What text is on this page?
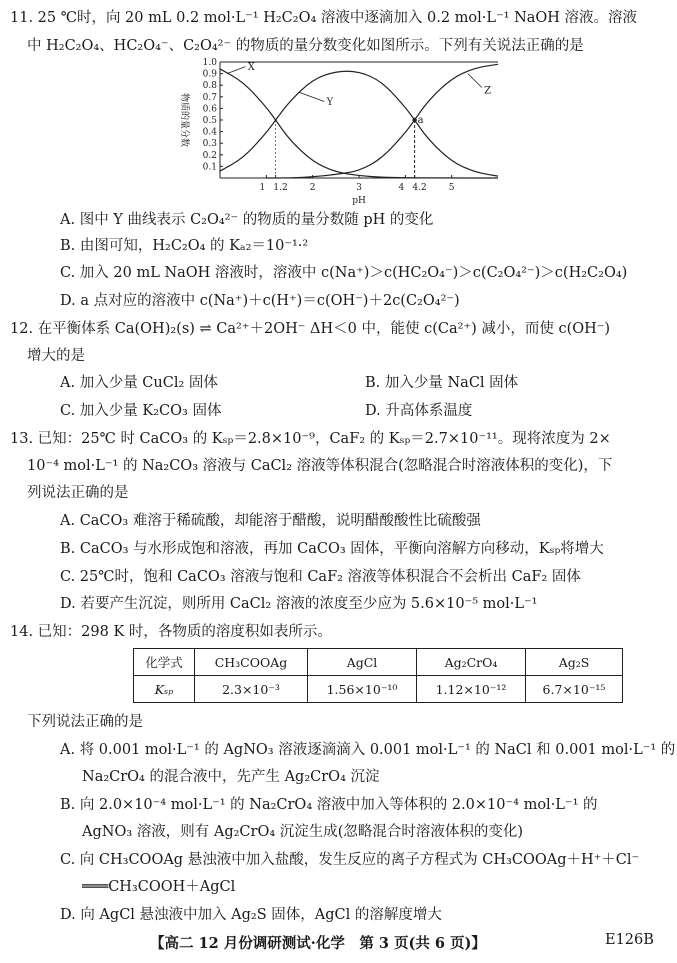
11. 25 ℃时，向 20 mL 0.2 mol·L⁻¹ H₂C₂O₄ 溶液中逐滴加入 0.2 mol·L⁻¹ NaOH 溶液。溶液
中 H₂C₂O₄、HC₂O₄⁻、C₂O₄²⁻ 的物质的量分数变化如图所示。下列有关说法正确的是
0.1
0.2
0.3
0.4
0.5
0.6
0.7
0.8
0.9
1.0
1 1.2 2	3	4 4.2 5
pH
物质的量分数
X
Y
Z
a
A. 图中 Y 曲线表示 C₂O₄²⁻ 的物质的量分数随 pH 的变化
B. 由图可知，H₂C₂O₄ 的 Kₐ₂＝10⁻¹·²
C. 加入 20 mL NaOH 溶液时，溶液中 c(Na⁺)＞c(HC₂O₄⁻)＞c(C₂O₄²⁻)＞c(H₂C₂O₄)
D. a 点对应的溶液中 c(Na⁺)＋c(H⁺)＝c(OH⁻)＋2c(C₂O₄²⁻)
12. 在平衡体系 Ca(OH)₂(s) ⇌ Ca²⁺＋2OH⁻ ΔH＜0 中，能使 c(Ca²⁺) 减小，而使 c(OH⁻)
增大的是
A. 加入少量 CuCl₂ 固体	B. 加入少量 NaCl 固体
C. 加入少量 K₂CO₃ 固体	D. 升高体系温度
13. 已知：25℃ 时 CaCO₃ 的 Kₛₚ＝2.8×10⁻⁹，CaF₂ 的 Kₛₚ＝2.7×10⁻¹¹。现将浓度为 2×
10⁻⁴ mol·L⁻¹ 的 Na₂CO₃ 溶液与 CaCl₂ 溶液等体积混合(忽略混合时溶液体积的变化)，下
列说法正确的是
A. CaCO₃ 难溶于稀硫酸，却能溶于醋酸，说明醋酸酸性比硫酸强
B. CaCO₃ 与水形成饱和溶液，再加 CaCO₃ 固体，平衡向溶解方向移动，Kₛₚ将增大
C. 25℃时，饱和 CaCO₃ 溶液与饱和 CaF₂ 溶液等体积混合不会析出 CaF₂ 固体
D. 若要产生沉淀，则所用 CaCl₂ 溶液的浓度至少应为 5.6×10⁻⁵ mol·L⁻¹
14. 已知：298 K 时，各物质的溶度积如表所示。
化学式	CH₃COOAg	AgCl	Ag₂CrO₄	Ag₂S
Kₛₚ	2.3×10⁻³	1.56×10⁻¹⁰	1.12×10⁻¹²	6.7×10⁻¹⁵
下列说法正确的是
A. 将 0.001 mol·L⁻¹ 的 AgNO₃ 溶液逐滴滴入 0.001 mol·L⁻¹ 的 NaCl 和 0.001 mol·L⁻¹ 的
Na₂CrO₄ 的混合液中，先产生 Ag₂CrO₄ 沉淀
B. 向 2.0×10⁻⁴ mol·L⁻¹ 的 Na₂CrO₄ 溶液中加入等体积的 2.0×10⁻⁴ mol·L⁻¹ 的
AgNO₃ 溶液，则有 Ag₂CrO₄ 沉淀生成(忽略混合时溶液体积的变化)
C. 向 CH₃COOAg 悬浊液中加入盐酸，发生反应的离子方程式为 CH₃COOAg＋H⁺＋Cl⁻
═══CH₃COOH＋AgCl
D. 向 AgCl 悬浊液中加入 Ag₂S 固体，AgCl 的溶解度增大
【高二 12 月份调研测试·化学　第 3 页(共 6 页)】	E126B
